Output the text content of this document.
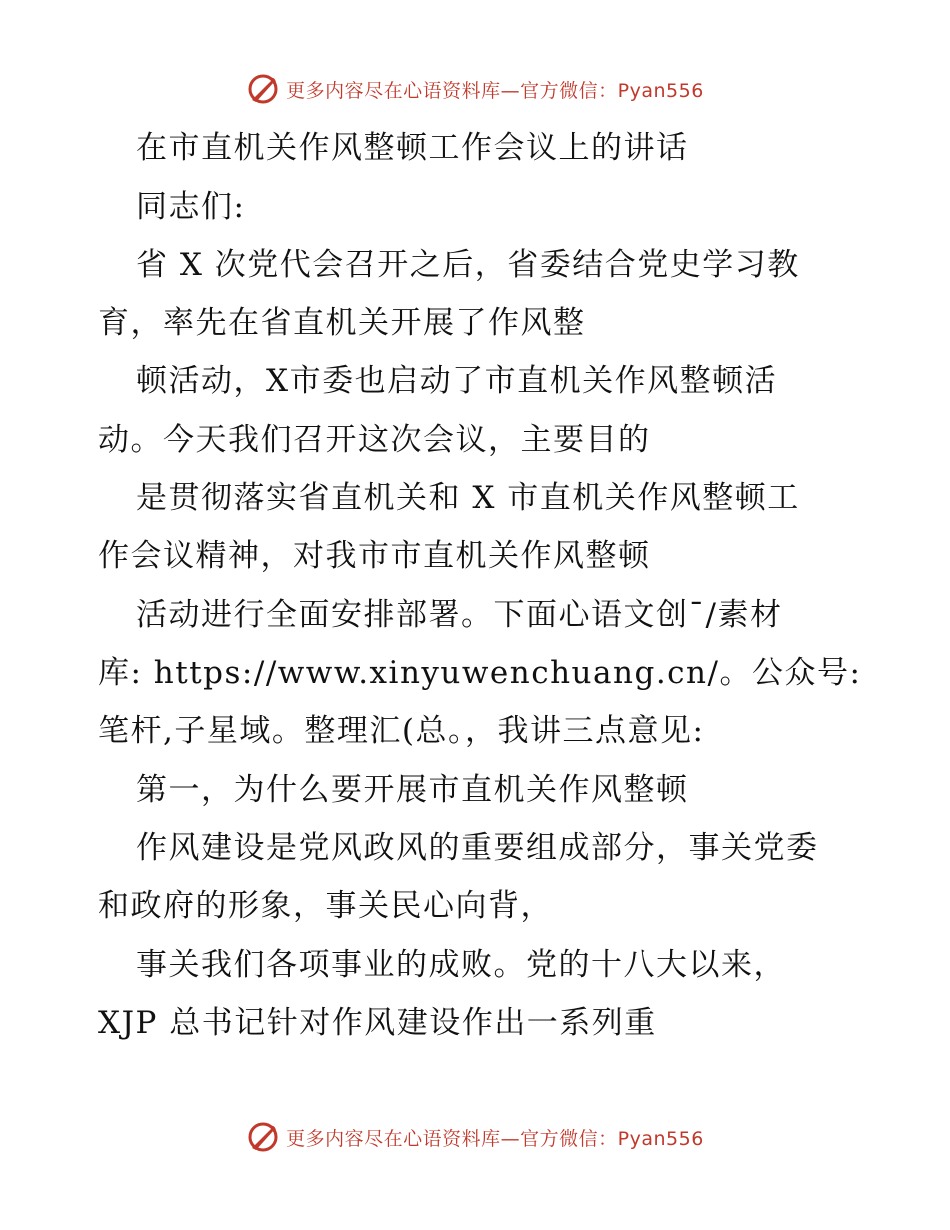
更多内容尽在心语资料库—官方微信：Pyan556
在市直机关作风整顿工作会议上的讲话
同志们:
省 X 次党代会召开之后，省委结合党史学习教
育，率先在省直机关开展了作风整
顿活动，X市委也启动了市直机关作风整顿活
动。今天我们召开这次会议，主要目的
是贯彻落实省直机关和 X 市直机关作风整顿工
作会议精神，对我市市直机关作风整顿
活动进行全面安排部署。下面心语文创¯/素材
库: https://www.xinyuwenchuang.cn/。公众号:
笔杆,子星域。整理汇(总。，我讲三点意见:
第一，为什么要开展市直机关作风整顿
作风建设是党风政风的重要组成部分，事关党委
和政府的形象，事关民心向背，
事关我们各项事业的成败。党的十八大以来，
XJP 总书记针对作风建设作出一系列重
更多内容尽在心语资料库—官方微信：Pyan556
